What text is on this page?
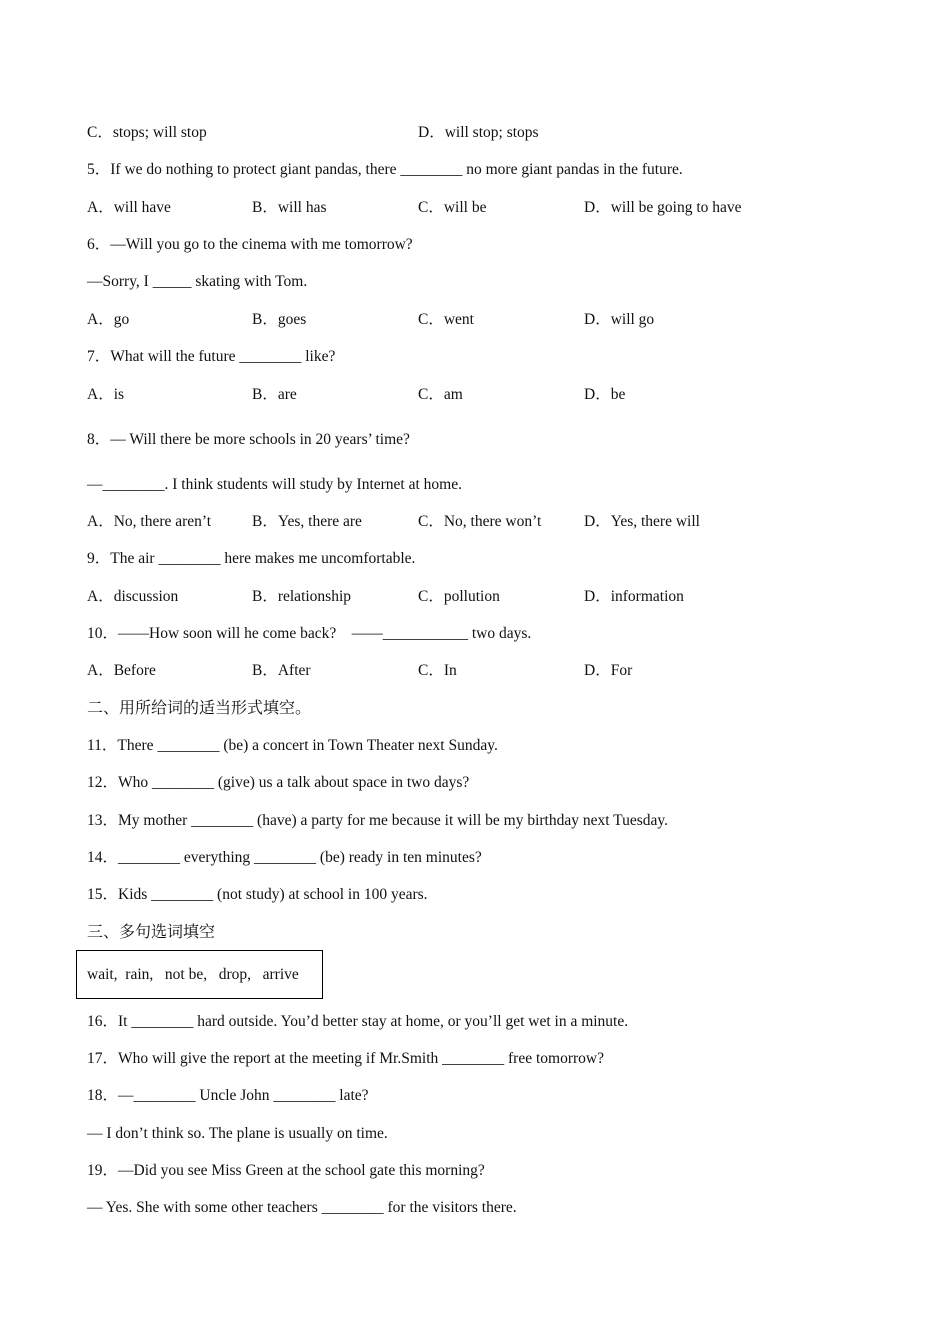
C．stops; will stop	D．will stop; stops
5．If we do nothing to protect giant pandas, there ________ no more giant pandas in the future.
A．will have	B．will has	C．will be	D．will be going to have
6．—Will you go to the cinema with me tomorrow?
—Sorry, I _____ skating with Tom.
A．go	B．goes	C．went	D．will go
7．What will the future ________ like?
A．is	B．are	C．am	D．be
8．— Will there be more schools in 20 years’ time?
—________. I think students will study by Internet at home.
A．No, there aren’t	B．Yes, there are	C．No, there won’t	D．Yes, there will
9．The air ________ here makes me uncomfortable.
A．discussion	B．relationship	C．pollution	D．information
10．——How soon will he come back?    ——___________ two days.
A．Before	B．After	C．In	D．For
二、用所给词的适当形式填空。
11．There ________ (be) a concert in Town Theater next Sunday.
12．Who ________ (give) us a talk about space in two days?
13．My mother ________ (have) a party for me because it will be my birthday next Tuesday.
14．________ everything ________ (be) ready in ten minutes?
15．Kids ________ (not study) at school in 100 years.
三、多句选词填空
wait,  rain,   not be,   drop,   arrive
16．It ________ hard outside. You’d better stay at home, or you’ll get wet in a minute.
17．Who will give the report at the meeting if Mr.Smith ________ free tomorrow?
18．—________ Uncle John ________ late?
— I don’t think so. The plane is usually on time.
19．—Did you see Miss Green at the school gate this morning?
— Yes. She with some other teachers ________ for the visitors there.
